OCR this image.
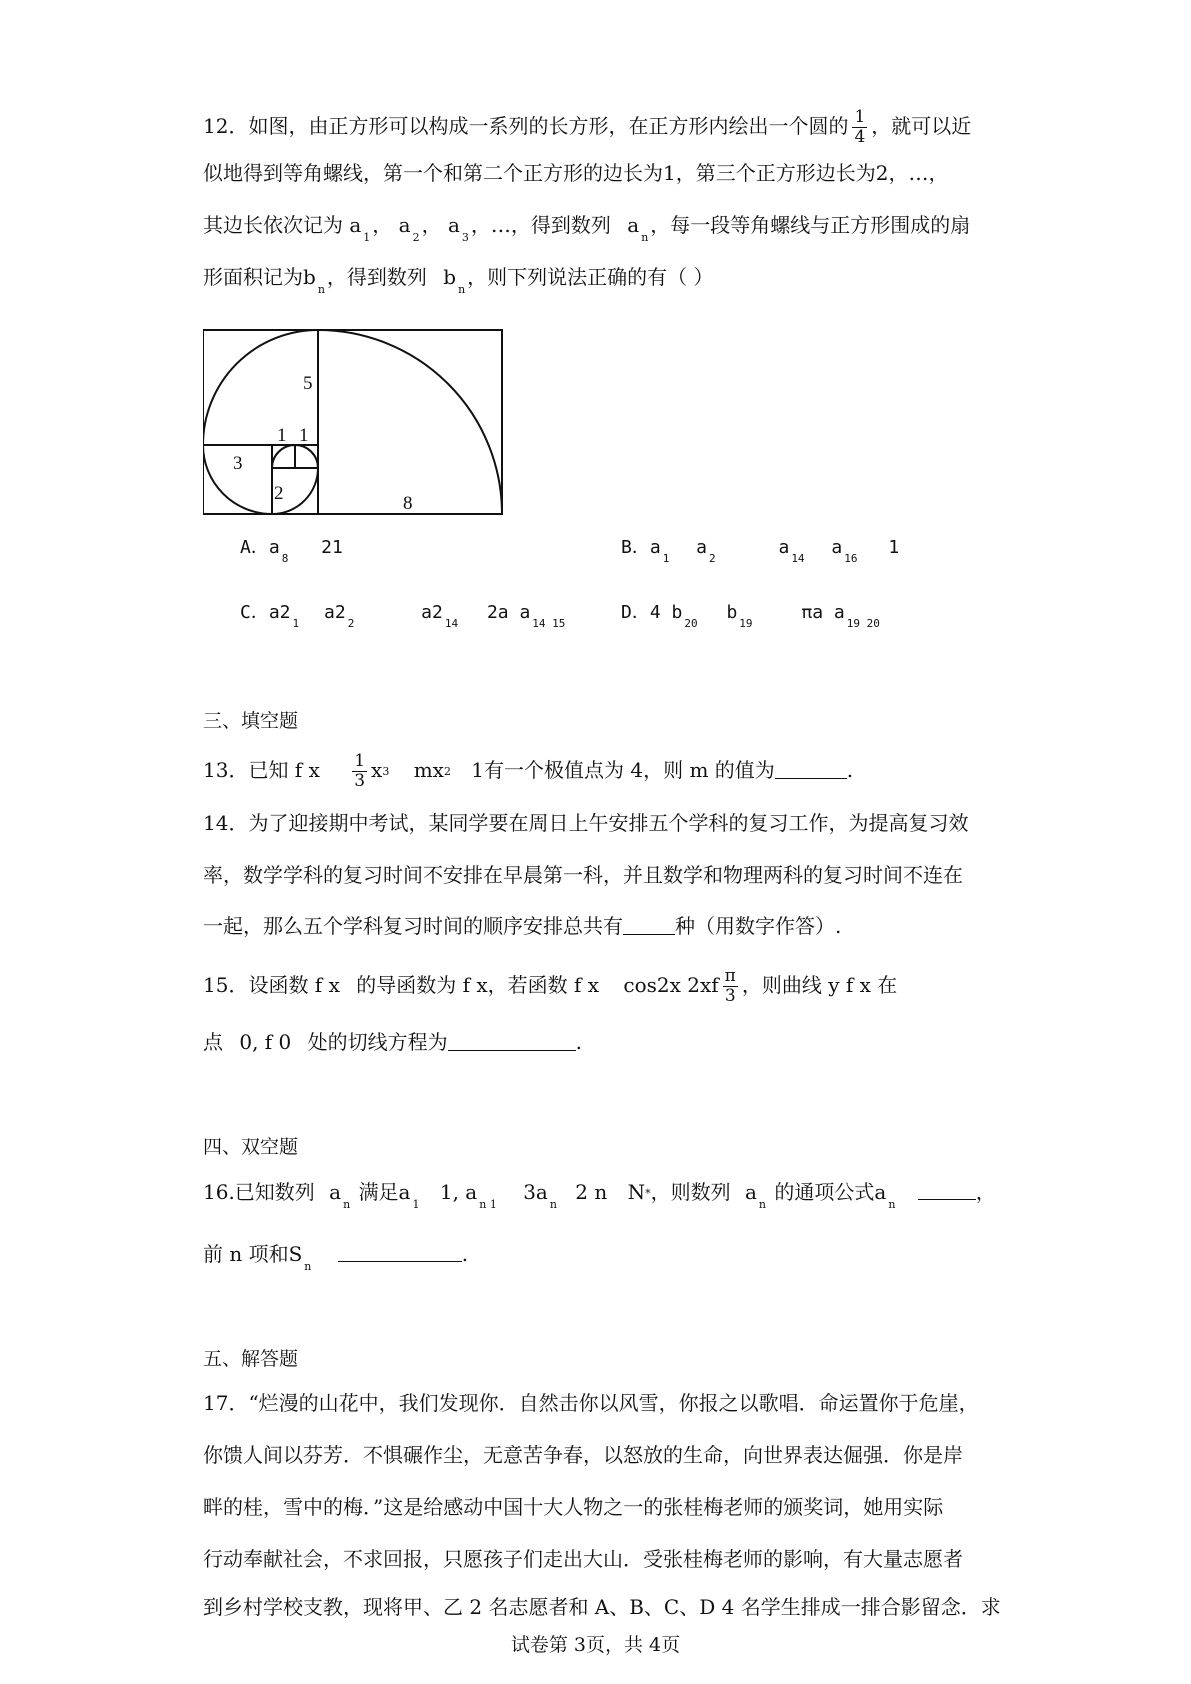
12．如图，由正方形可以构成一系列的长方形，在正方形内绘出一个圆的 $\frac{1}{4}$ ，就可以近
似地得到等角螺线，第一个和第二个正方形的边长为1，第三个正方形边长为2，…，
其边长依次记为 $a_1$， $a_2$， $a_3$，…，得到数列 $a_n$，每一段等角螺线与正方形围成的扇
形面积记为$b_n$，得到数列 $b_n$，则下列说法正确的有（ ）
5
1 1
3
2	8
A．$a_8$ 21	B．$a_1$ $a_2$ $a_{14}$ $a_{16}$ 1
C．$a2_1$ $a2_2$ $a2_{14}$ 2a $a_{14 15}$
D．4 $b_{20}$ $b_{19}$ πa $a_{19 20}$
三、填空题
13．已知 f x $\frac{1}{3} x3$ mx2 1有一个极值点为 4，则 m 的值为	.
14．为了迎接期中考试，某同学要在周日上午安排五个学科的复习工作，为提高复习效
率，数学学科的复习时间不安排在早晨第一科，并且数学和物理两科的复习时间不连在
一起，那么五个学科复习时间的顺序安排总共有	种（用数字作答）.
15．设函数 f x 的导函数为 f x，若函数 f x cos2x $2xf \frac{\pi}{3}$ ，则曲线 y f x 在
点 0, f 0 处的切线方程为	.
四、双空题
16.已知数列 $a_n$ 满足$a_1$ 1, $a_{n 1}$ $3a_n$ 2 n N*，则数列 $a_n$ 的通项公式$a_n$ ，
前 n 项和$S_n$ .
五、解答题
17．“烂漫的山花中，我们发现你．自然击你以风雪，你报之以歌唱．命运置你于危崖，
你馈人间以芬芳．不惧碾作尘，无意苦争春，以怒放的生命，向世界表达倔强．你是岸
畔的桂，雪中的梅．”这是给感动中国十大人物之一的张桂梅老师的颁奖词，她用实际
行动奉献社会，不求回报，只愿孩子们走出大山．受张桂梅老师的影响，有大量志愿者
到乡村学校支教，现将甲、乙 2 名志愿者和 A、B、C、D 4 名学生排成一排合影留念．求
试卷第 3页，共 4页
